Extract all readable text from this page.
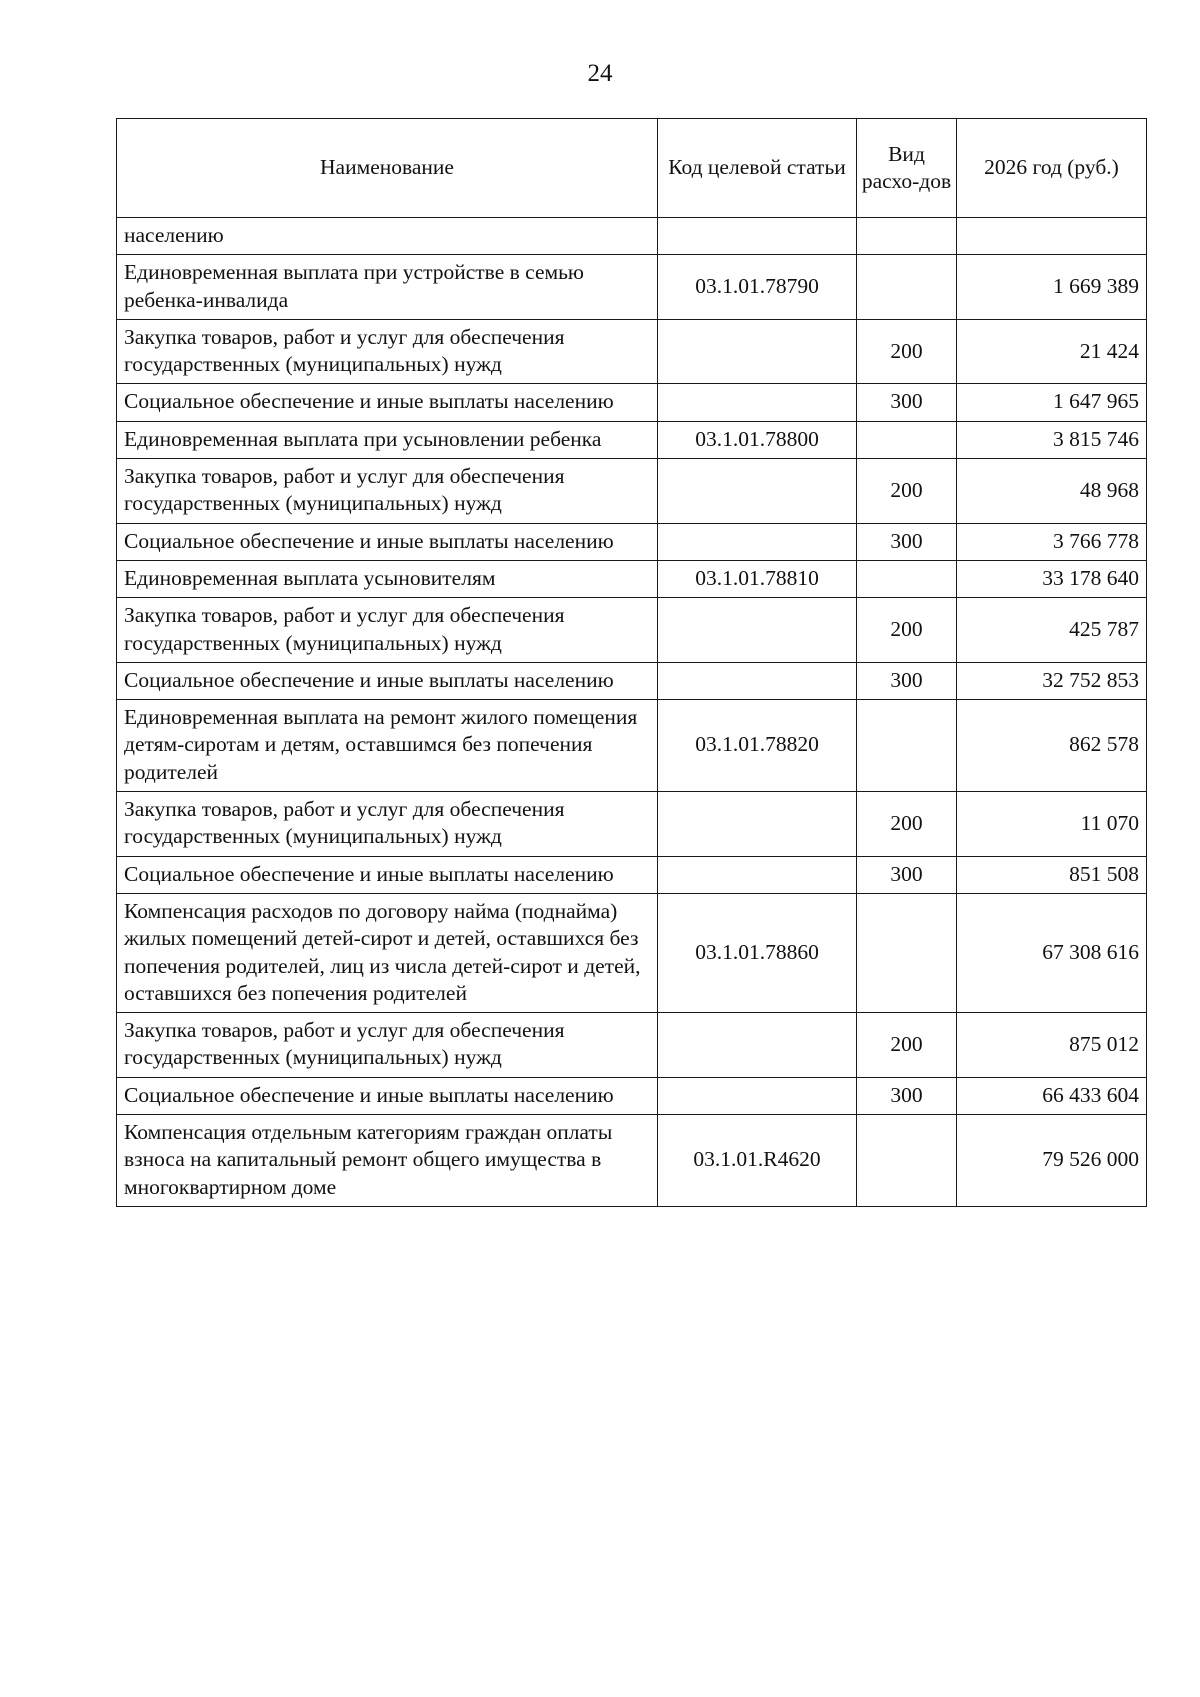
24
Наименование	Код целевой статьи	Вид расхо-дов	2026 год (руб.)
населению			
Единовременная выплата при устройстве в семью ребенка-инвалида	03.1.01.78790		1 669 389
Закупка товаров, работ и услуг для обеспечения государственных (муниципальных) нужд		200	21 424
Социальное обеспечение и иные выплаты населению		300	1 647 965
Единовременная выплата при усыновлении ребенка	03.1.01.78800		3 815 746
Закупка товаров, работ и услуг для обеспечения государственных (муниципальных) нужд		200	48 968
Социальное обеспечение и иные выплаты населению		300	3 766 778
Единовременная выплата усыновителям	03.1.01.78810		33 178 640
Закупка товаров, работ и услуг для обеспечения государственных (муниципальных) нужд		200	425 787
Социальное обеспечение и иные выплаты населению		300	32 752 853
Единовременная выплата на ремонт жилого помещения детям-сиротам и детям, оставшимся без попечения родителей	03.1.01.78820		862 578
Закупка товаров, работ и услуг для обеспечения государственных (муниципальных) нужд		200	11 070
Социальное обеспечение и иные выплаты населению		300	851 508
Компенсация расходов по договору найма (поднайма) жилых помещений детей-сирот и детей, оставшихся без попечения родителей, лиц из числа детей-сирот и детей, оставшихся без попечения родителей	03.1.01.78860		67 308 616
Закупка товаров, работ и услуг для обеспечения государственных (муниципальных) нужд		200	875 012
Социальное обеспечение и иные выплаты населению		300	66 433 604
Компенсация отдельным категориям граждан оплаты взноса на капитальный ремонт общего имущества в многоквартирном доме	03.1.01.R4620		79 526 000
